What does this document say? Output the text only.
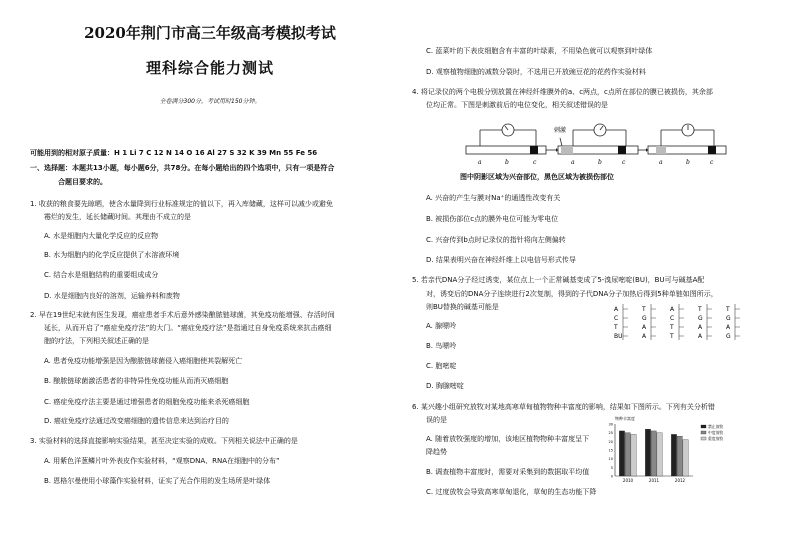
2020年荆门市高三年级高考模拟考试
理科综合能力测试
全卷满分300分，考试用时150分钟。
可能用到的相对原子质量：H 1 Li 7 C 12 N 14 O 16 Al 27 S 32 K 39 Mn 55 Fe 56
一、选择题：本题共13小题，每小题6分，共78分。在每小题给出的四个选项中，只有一项是符合
合题目要求的。
1. 收获的粮食要先晾晒，使含水量降到行业标准规定的值以下，再入库储藏，这样可以减少或避免
霉烂的发生，延长储藏时间。其理由不成立的是
A. 水是细胞内大量化学反应的反应物
B. 水为细胞内的化学反应提供了水溶液环境
C. 结合水是细胞结构的重要组成成分
D. 水是细胞内良好的溶剂，运输养料和废物
2. 早在19世纪末就有医生发现，癌症患者手术后意外感染酿脓链球菌，其免疫功能增强、存活时间
延长，从而开启了“癌症免疫疗法”的大门。“癌症免疫疗法”是指通过自身免疫系统来抗击癌细
胞的疗法，下列相关叙述正确的是
A. 患者免疫功能增强是因为酿脓链球菌侵入癌细胞使其裂解死亡
B. 酿脓链球菌激活患者的非特异性免疫功能从而消灭癌细胞
C. 癌症免疫疗法主要是通过增强患者的细胞免疫功能来杀死癌细胞
D. 癌症免疫疗法通过改变癌细胞的遗传信息来达到治疗目的
3. 实验材料的选择直接影响实验结果，甚至决定实验的成败。下列相关说法中正确的是
A. 用紫色洋葱鳞片叶外表皮作实验材料，“观察DNA、RNA在细胞中的分布”
B. 恩格尔曼使用小球藻作实验材料，证实了光合作用的发生场所是叶绿体
C. 蓝菜叶的下表皮细胞含有丰富的叶绿素，不用染色就可以观察到叶绿体
D. 观察植物细胞的减数分裂时，不选用已开放豌豆花的花药作实验材料
4. 将记录仪的两个电极分别放置在神经纤维膜外的a、c两点，c点所在部位的膜已被损伤，其余部
位均正常。下图是刺激前后的电位变化，相关叙述错误的是
刺激
a	b	c	a	b	c	a	b	c
图中阴影区域为兴奋部位，黑色区域为被损伤部位
A. 兴奋的产生与膜对Na⁺的通透性改变有关
B. 被损伤部位c点的膜外电位可能为零电位
C. 兴奋传到b点时记录仪的指针将向左侧偏转
D. 结果表明兴奋在神经纤维上以电信号形式传导
5. 若亲代DNA分子经过诱变，某位点上一个正常碱基变成了5-溴尿嘧啶(BU)，BU可与碱基A配
对，诱变后的DNA分子连续进行2次复制，得到的子代DNA分子加热后得到5种单链如图所示，
则BU替换的碱基可能是
A. 腺嘌呤
B. 鸟嘌呤
C. 胞嘧啶
D. 胸腺嘧啶
A
C
T
BU
T
G
A
A
A
C
T
T
T
G
A
A
T
G
A
G
6. 某兴趣小组研究放牧对某地高寒草甸植物物种丰富度的影响，结果如下图所示。下列有关分析错
误的是
A. 随着放牧强度的增加，该地区植物物种丰富度呈下
降趋势
B. 调查植物丰富度时，需要对采集到的数据取平均值
C. 过度放牧会导致高寒草甸退化，草甸的生态功能下降
物种丰富度
0
5
10
15
20
25
30
2010	2011	2012
禁止放牧
中度放牧
重度放牧
